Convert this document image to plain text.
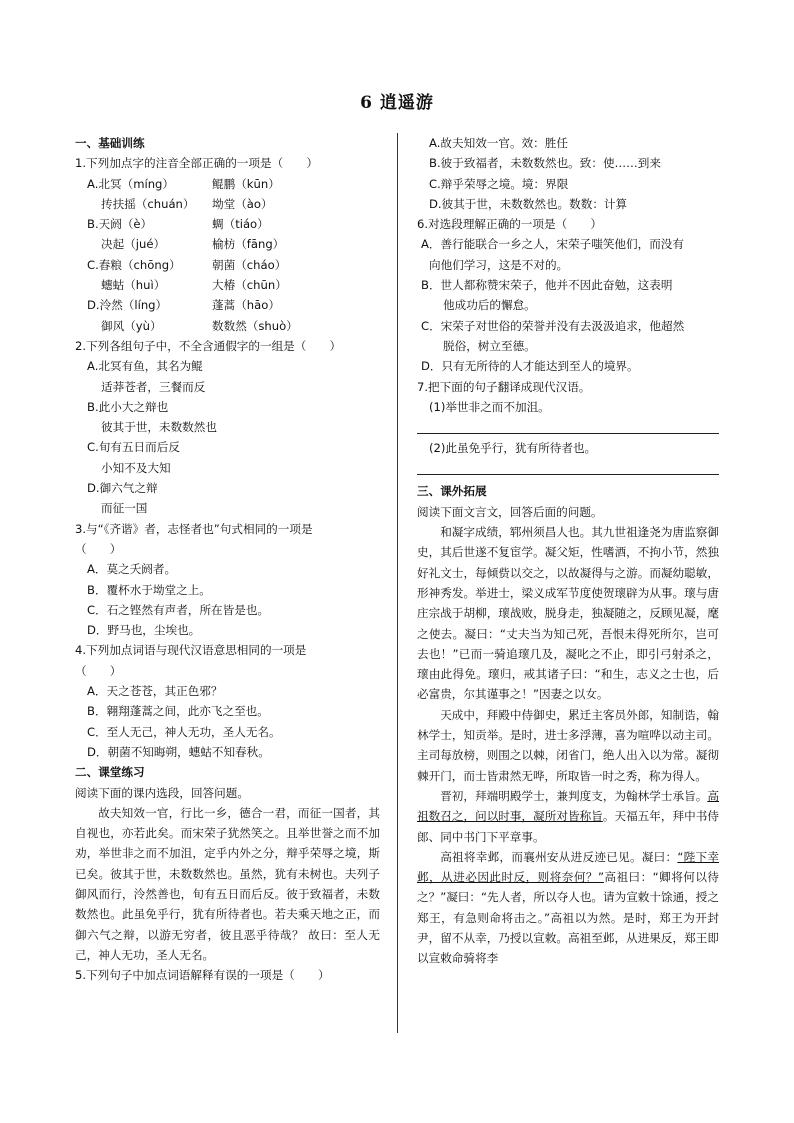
6 逍遥游
一、基础训练
1.下列加点字的注音全部正确的一项是（　　）
A.北冥（míng）	鲲鹏（kūn）
抟扶摇（chuán）	坳堂（ào）
B.天阏（è）	蜩（tiáo）
决起（jué）	榆枋（fāng）
C.舂粮（chōng）	朝菌（cháo）
蟪蛄（huì）	大椿（chūn）
D.泠然（líng）	蓬蒿（hāo）
御风（yù）	数数然（shuò）
2.下列各组句子中，不全含通假字的一组是（　　）
A.北冥有鱼，其名为鲲
适莽苍者，三餐而反
B.此小大之辩也
彼其于世，未数数然也
C.旬有五日而后反
小知不及大知
D.御六气之辩
而征一国
3.与“《齐谐》者，志怪者也”句式相同的一项是
（　　）
A．莫之夭阏者。
B．覆杯水于坳堂之上。
C．石之铿然有声者，所在皆是也。
D．野马也，尘埃也。
4.下列加点词语与现代汉语意思相同的一项是
（　　）
A．天之苍苍，其正色邪？
B．翱翔蓬蒿之间，此亦飞之至也。
C．至人无己，神人无功，圣人无名。
D．朝菌不知晦朔，蟪蛄不知春秋。
二、课堂练习
阅读下面的课内选段，回答问题。
故夫知效一官，行比一乡，德合一君，而征一国者，其自视也，亦若此矣。而宋荣子犹然笑之。且举世誉之而不加劝，举世非之而不加沮，定乎内外之分，辩乎荣辱之境，斯已矣。彼其于世，未数数然也。虽然，犹有未树也。夫列子御风而行，泠然善也，旬有五日而后反。彼于致福者，未数数然也。此虽免乎行，犹有所待者也。若夫乘天地之正，而御六气之辩，以游无穷者，彼且恶乎待哉？ 故曰：至人无己，神人无功，圣人无名。
5.下列句子中加点词语解释有误的一项是（　　）
A.故夫知效一官。效：胜任
B.彼于致福者，未数数然也。致：使……到来
C.辩乎荣辱之境。境：界限
D.彼其于世，未数数然也。数数：计算
6.对选段理解正确的一项是（　　）
A．善行能联合一乡之人，宋荣子嗤笑他们，而没有
向他们学习，这是不对的。
B．世人都称赞宋荣子，他并不因此奋勉，这表明
他成功后的懈怠。
C．宋荣子对世俗的荣誉并没有去汲汲追求，他超然
脱俗，树立至德。
D．只有无所待的人才能达到至人的境界。
7.把下面的句子翻译成现代汉语。
(1)举世非之而不加沮。
(2)此虽免乎行，犹有所待者也。
三、课外拓展
阅读下面文言文，回答后面的问题。
和凝字成绩，郓州须昌人也。其九世祖逢尧为唐监察御史，其后世遂不复宦学。凝父矩，性嗜酒，不拘小节，然独好礼文士，每倾赀以交之，以故凝得与之游。而凝幼聪敏，形神秀发。举进士，梁义成军节度使贺瓌辟为从事。瓌与唐庄宗战于胡柳，瓌战败，脱身走，独凝随之，反顾见凝，麾之使去。凝曰：“丈夫当为知己死，吾恨未得死所尔，岂可去也！”已而一骑追瓌几及，凝叱之不止，即引弓射杀之，瓌由此得免。瓌归，戒其诸子曰：“和生，志义之士也，后必富贵，尔其谨事之！”因妻之以女。
天成中，拜殿中侍御史，累迁主客员外郎，知制诰，翰林学士，知贡举。是时，进士多浮薄，喜为喧哗以动主司。主司每放榜，则围之以棘，闭省门，绝人出入以为常。凝彻棘开门，而士皆肃然无哗，所取皆一时之秀，称为得人。
晋初，拜端明殿学士，兼判度支，为翰林学士承旨。高祖数召之，问以时事，凝所对皆称旨。天福五年，拜中书侍郎、同中书门下平章事。
高祖将幸邺，而襄州安从进反迹已见。凝曰：“陛下幸邺，从进必因此时反，则将奈何？”高祖曰：“卿将何以待之？”凝曰：“先人者，所以夺人也。请为宣敕十馀通，授之郑王，有急则命将击之。”高祖以为然。是时，郑王为开封尹，留不从幸，乃授以宣敕。高祖至邺，从进果反，郑王即以宣敕命骑将李
